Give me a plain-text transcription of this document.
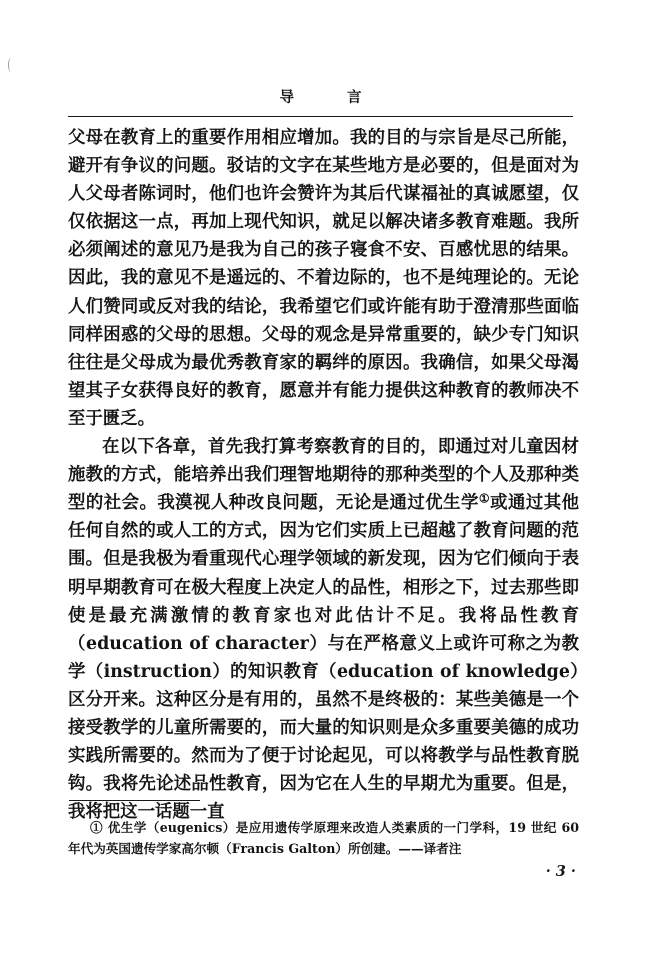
导 言

父母在教育上的重要作用相应增加。我的目的与宗旨是尽己所能，避开有争议的问题。驳诘的文字在某些地方是必要的，但是面对为人父母者陈词时，他们也许会赞许为其后代谋福祉的真诚愿望，仅仅依据这一点，再加上现代知识，就足以解决诸多教育难题。我所必须阐述的意见乃是我为自己的孩子寝食不安、百感忧思的结果。因此，我的意见不是遥远的、不着边际的，也不是纯理论的。无论人们赞同或反对我的结论，我希望它们或许能有助于澄清那些面临同样困惑的父母的思想。父母的观念是异常重要的，缺少专门知识往往是父母成为最优秀教育家的羁绊的原因。我确信，如果父母渴望其子女获得良好的教育，愿意并有能力提供这种教育的教师决不至于匮乏。

在以下各章，首先我打算考察教育的目的，即通过对儿童因材施教的方式，能培养出我们理智地期待的那种类型的个人及那种类型的社会。我漠视人种改良问题，无论是通过优生学①或通过其他任何自然的或人工的方式，因为它们实质上已超越了教育问题的范围。但是我极为看重现代心理学领域的新发现，因为它们倾向于表明早期教育可在极大程度上决定人的品性，相形之下，过去那些即使是最充满激情的教育家也对此估计不足。我将品性教育（education of character）与在严格意义上或许可称之为教学（instruction）的知识教育（education of knowledge）区分开来。这种区分是有用的，虽然不是终极的：某些美德是一个接受教学的儿童所需要的，而大量的知识则是众多重要美德的成功实践所需要的。然而为了便于讨论起见，可以将教学与品性教育脱钩。我将先论述品性教育，因为它在人生的早期尤为重要。但是，我将把这一话题一直

① 优生学（eugenics）是应用遗传学原理来改造人类素质的一门学科，19 世纪 60 年代为英国遗传学家高尔顿（Francis Galton）所创建。——译者注

· 3 ·
